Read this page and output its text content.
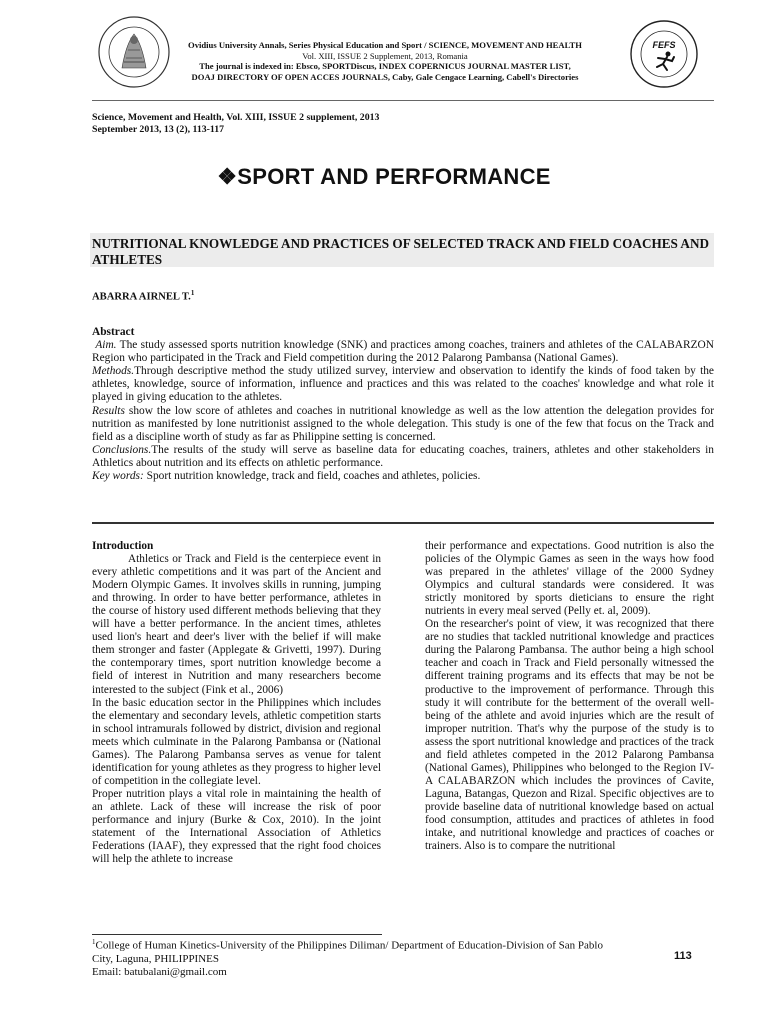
Ovidius University Annals, Series Physical Education and Sport / SCIENCE, MOVEMENT AND HEALTH
Vol. XIII, ISSUE 2 Supplement, 2013, Romania
The journal is indexed in: Ebsco, SPORTDiscus, INDEX COPERNICUS JOURNAL MASTER LIST,
DOAJ DIRECTORY OF OPEN ACCES JOURNALS, Caby, Gale Cengace Learning, Cabell's Directories
FEFS
Science, Movement and Health, Vol. XIII, ISSUE 2 supplement, 2013
September 2013, 13 (2), 113-117
❖SPORT AND PERFORMANCE
NUTRITIONAL KNOWLEDGE AND PRACTICES OF SELECTED TRACK AND FIELD COACHES AND ATHLETES
ABARRA AIRNEL T.$^1$

Abstract

Aim. The study assessed sports nutrition knowledge (SNK) and practices among coaches, trainers and athletes of the CALABARZON Region who participated in the Track and Field competition during the 2012 Palarong Pambansa (National Games).

Methods.Through descriptive method the study utilized survey, interview and observation to identify the kinds of food taken by the athletes, knowledge, source of information, influence and practices and this was related to the coaches' knowledge and what role it played in giving education to the athletes.

Results show the low score of athletes and coaches in nutritional knowledge as well as the low attention the delegation provides for nutrition as manifested by lone nutritionist assigned to the whole delegation. This study is one of the few that focus on the Track and field as a discipline worth of study as far as Philippine setting is concerned.

Conclusions.The results of the study will serve as baseline data for educating coaches, trainers, athletes and other stakeholders in Athletics about nutrition and its effects on athletic performance.

Key words: Sport nutrition knowledge, track and field, coaches and athletes, policies.

Introduction

Athletics or Track and Field is the centerpiece event in every athletic competitions and it was part of the Ancient and Modern Olympic Games. It involves skills in running, jumping and throwing. In order to have better performance, athletes in the course of history used different methods believing that they will have a better performance. In the ancient times, athletes used lion's heart and deer's liver with the belief if will make them stronger and faster (Applegate & Grivetti, 1997). During the contemporary times, sport nutrition knowledge become a field of interest in Nutrition and many researchers become interested to the subject (Fink et al., 2006)

In the basic education sector in the Philippines which includes the elementary and secondary levels, athletic competition starts in school intramurals followed by district, division and regional meets which culminate in the Palarong Pambansa or (National Games). The Palarong Pambansa serves as venue for talent identification for young athletes as they progress to higher level of competition in the collegiate level.

Proper nutrition plays a vital role in maintaining the health of an athlete. Lack of these will increase the risk of poor performance and injury (Burke & Cox, 2010). In the joint statement of the International Association of Athletics Federations (IAAF), they expressed that the right food choices will help the athlete to increase

their performance and expectations. Good nutrition is also the policies of the Olympic Games as seen in the ways how food was prepared in the athletes' village of the 2000 Sydney Olympics and cultural standards were considered. It was strictly monitored by sports dieticians to ensure the right nutrients in every meal served (Pelly et. al, 2009).

On the researcher's point of view, it was recognized that there are no studies that tackled nutritional knowledge and practices during the Palarong Pambansa. The author being a high school teacher and coach in Track and Field personally witnessed the different training programs and its effects that may be not be productive to the improvement of performance. Through this study it will contribute for the betterment of the overall well-being of the athlete and avoid injuries which are the result of improper nutrition. That's why the purpose of the study is to assess the sport nutritional knowledge and practices of the track and field athletes competed in the 2012 Palarong Pambansa (National Games), Philippines who belonged to the Region IV-A CALABARZON which includes the provinces of Cavite, Laguna, Batangas, Quezon and Rizal. Specific objectives are to provide baseline data of nutritional knowledge based on actual food consumption, attitudes and practices of athletes in food intake, and nutritional knowledge and practices of coaches or trainers. Also is to compare the nutritional

$^1$College of Human Kinetics-University of the Philippines Diliman/ Department of Education-Division of San Pablo
City, Laguna, PHILIPPINES
Email: batubalani@gmail.com
113
